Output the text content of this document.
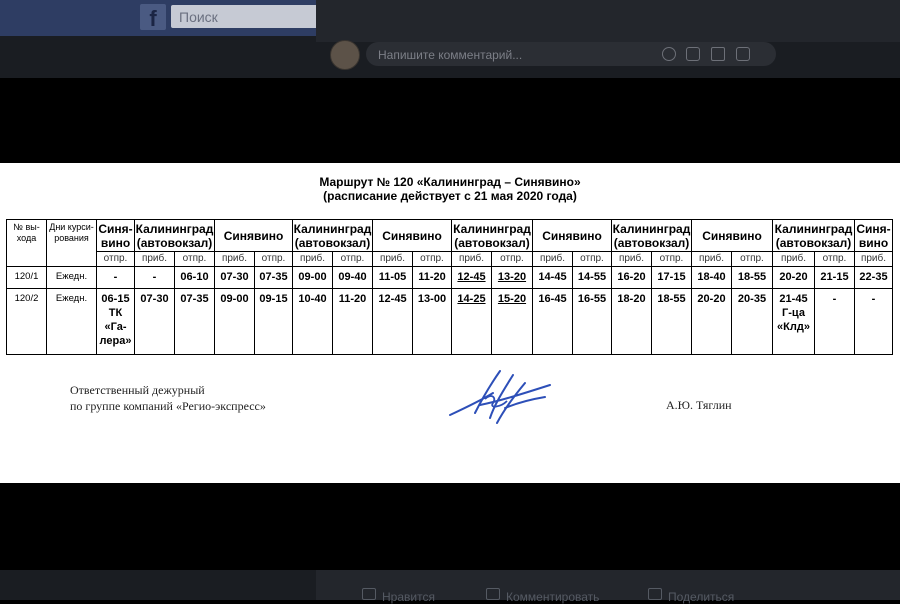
f
Поиск
Напишите комментарий...
Маршрут № 120 «Калининград – Синявино»
(расписание действует с 21 мая 2020 года)
№ вы-хода	Дни курси-рования	Синя-вино	Калининград (автовокзал)		Синявино		Калининград (автовокзал)		Синявино		Калининград (автовокзал)		Синявино		Калининград (автовокзал)		Синявино		Калининград (автовокзал)		Синя-вино
		отпр.	приб.	отпр.	приб.	отпр.	приб.	отпр.	приб.	отпр.	приб.	отпр.	приб.	отпр.	приб.	отпр.	приб.	отпр.	приб.	отпр.	приб.
120/1	Ежедн.	-	-	06-10	07-30	07-35	09-00	09-40	11-05	11-20	12-45	13-20	14-45	14-55	16-20	17-15	18-40	18-55	20-20	21-15	22-35
120/2	Ежедн.	06-15 ТК «Га-лера»	07-30	07-35	09-00	09-15	10-40	11-20	12-45	13-00	14-25	15-20	16-45	16-55	18-20	18-55	20-20	20-35	21-45 Г-ца «Клд»	-	-
Ответственный дежурный
по группе компаний «Регио-экспресс»	А.Ю. Тяглин
Нравится	Комментировать	Поделиться
